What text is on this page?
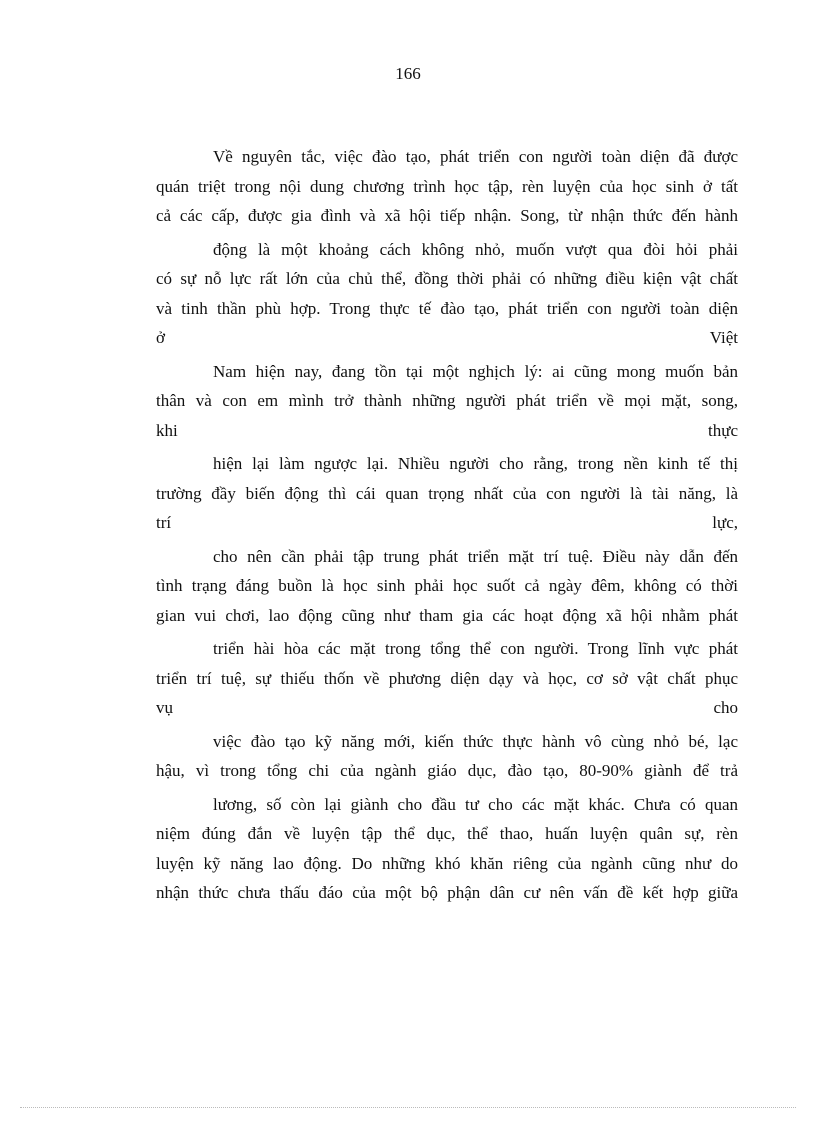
166
Về nguyên tắc, việc đào tạo, phát triển con người toàn diện đã được
quán triệt trong nội dung chương trình học tập, rèn luyện của học sinh ở tất
cả các cấp, được gia đình và xã hội tiếp nhận. Song, từ nhận thức đến hành
động là một khoảng cách không nhỏ, muốn vượt qua đòi hỏi phải
có sự nỗ lực rất lớn của chủ thể, đồng thời phải có những điều kiện vật chất
và tinh thần phù hợp. Trong thực tế đào tạo, phát triển con người toàn diện
ở Việt
Nam hiện nay, đang tồn tại một nghịch lý: ai cũng mong muốn bản
thân và con em mình trở thành những người phát triển về mọi mặt, song,
khi thực
hiện lại làm ngược lại. Nhiều người cho rằng, trong nền kinh tế thị
trường đầy biến động thì cái quan trọng nhất của con người là tài năng, là
trí lực,
cho nên cần phải tập trung phát triển mặt trí tuệ. Điều này dẫn đến
tình trạng đáng buồn là học sinh phải học suốt cả ngày đêm, không có thời
gian vui chơi, lao động cũng như tham gia các hoạt động xã hội nhằm phát
triển hài hòa các mặt trong tổng thể con người. Trong lĩnh vực phát
triển trí tuệ, sự thiếu thốn về phương diện dạy và học, cơ sở vật chất phục
vụ cho
việc đào tạo kỹ năng mới, kiến thức thực hành vô cùng nhỏ bé, lạc
hậu, vì trong tổng chi của ngành giáo dục, đào tạo, 80-90% giành để trả
lương, số còn lại giành cho đầu tư cho các mặt khác. Chưa có quan
niệm đúng đắn về luyện tập thể dục, thể thao, huấn luyện quân sự, rèn
luyện kỹ năng lao động. Do những khó khăn riêng của ngành cũng như do
nhận thức chưa thấu đáo của một bộ phận dân cư nên vấn đề kết hợp giữa
